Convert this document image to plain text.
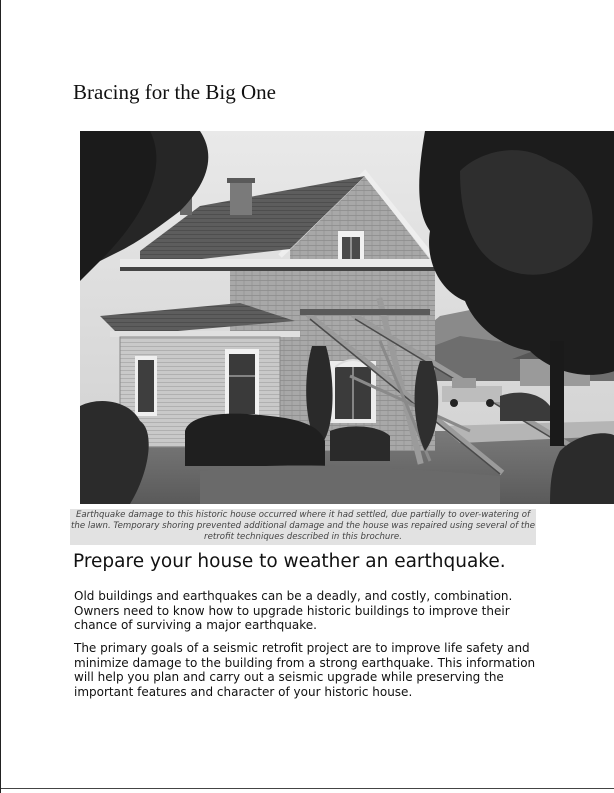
Bracing for the Big One
Earthquake damage to this historic house occurred where it had settled, due partially to over-watering of the lawn. Temporary shoring prevented additional damage and the house was repaired using several of the retrofit techniques described in this brochure.
Prepare your house to weather an earthquake.

Old buildings and earthquakes can be a deadly, and costly, combination. Owners need to know how to upgrade historic buildings to improve their chance of surviving a major earthquake.

The primary goals of a seismic retrofit project are to improve life safety and minimize damage to the building from a strong earthquake. This information will help you plan and carry out a seismic upgrade while preserving the important features and character of your historic house.
